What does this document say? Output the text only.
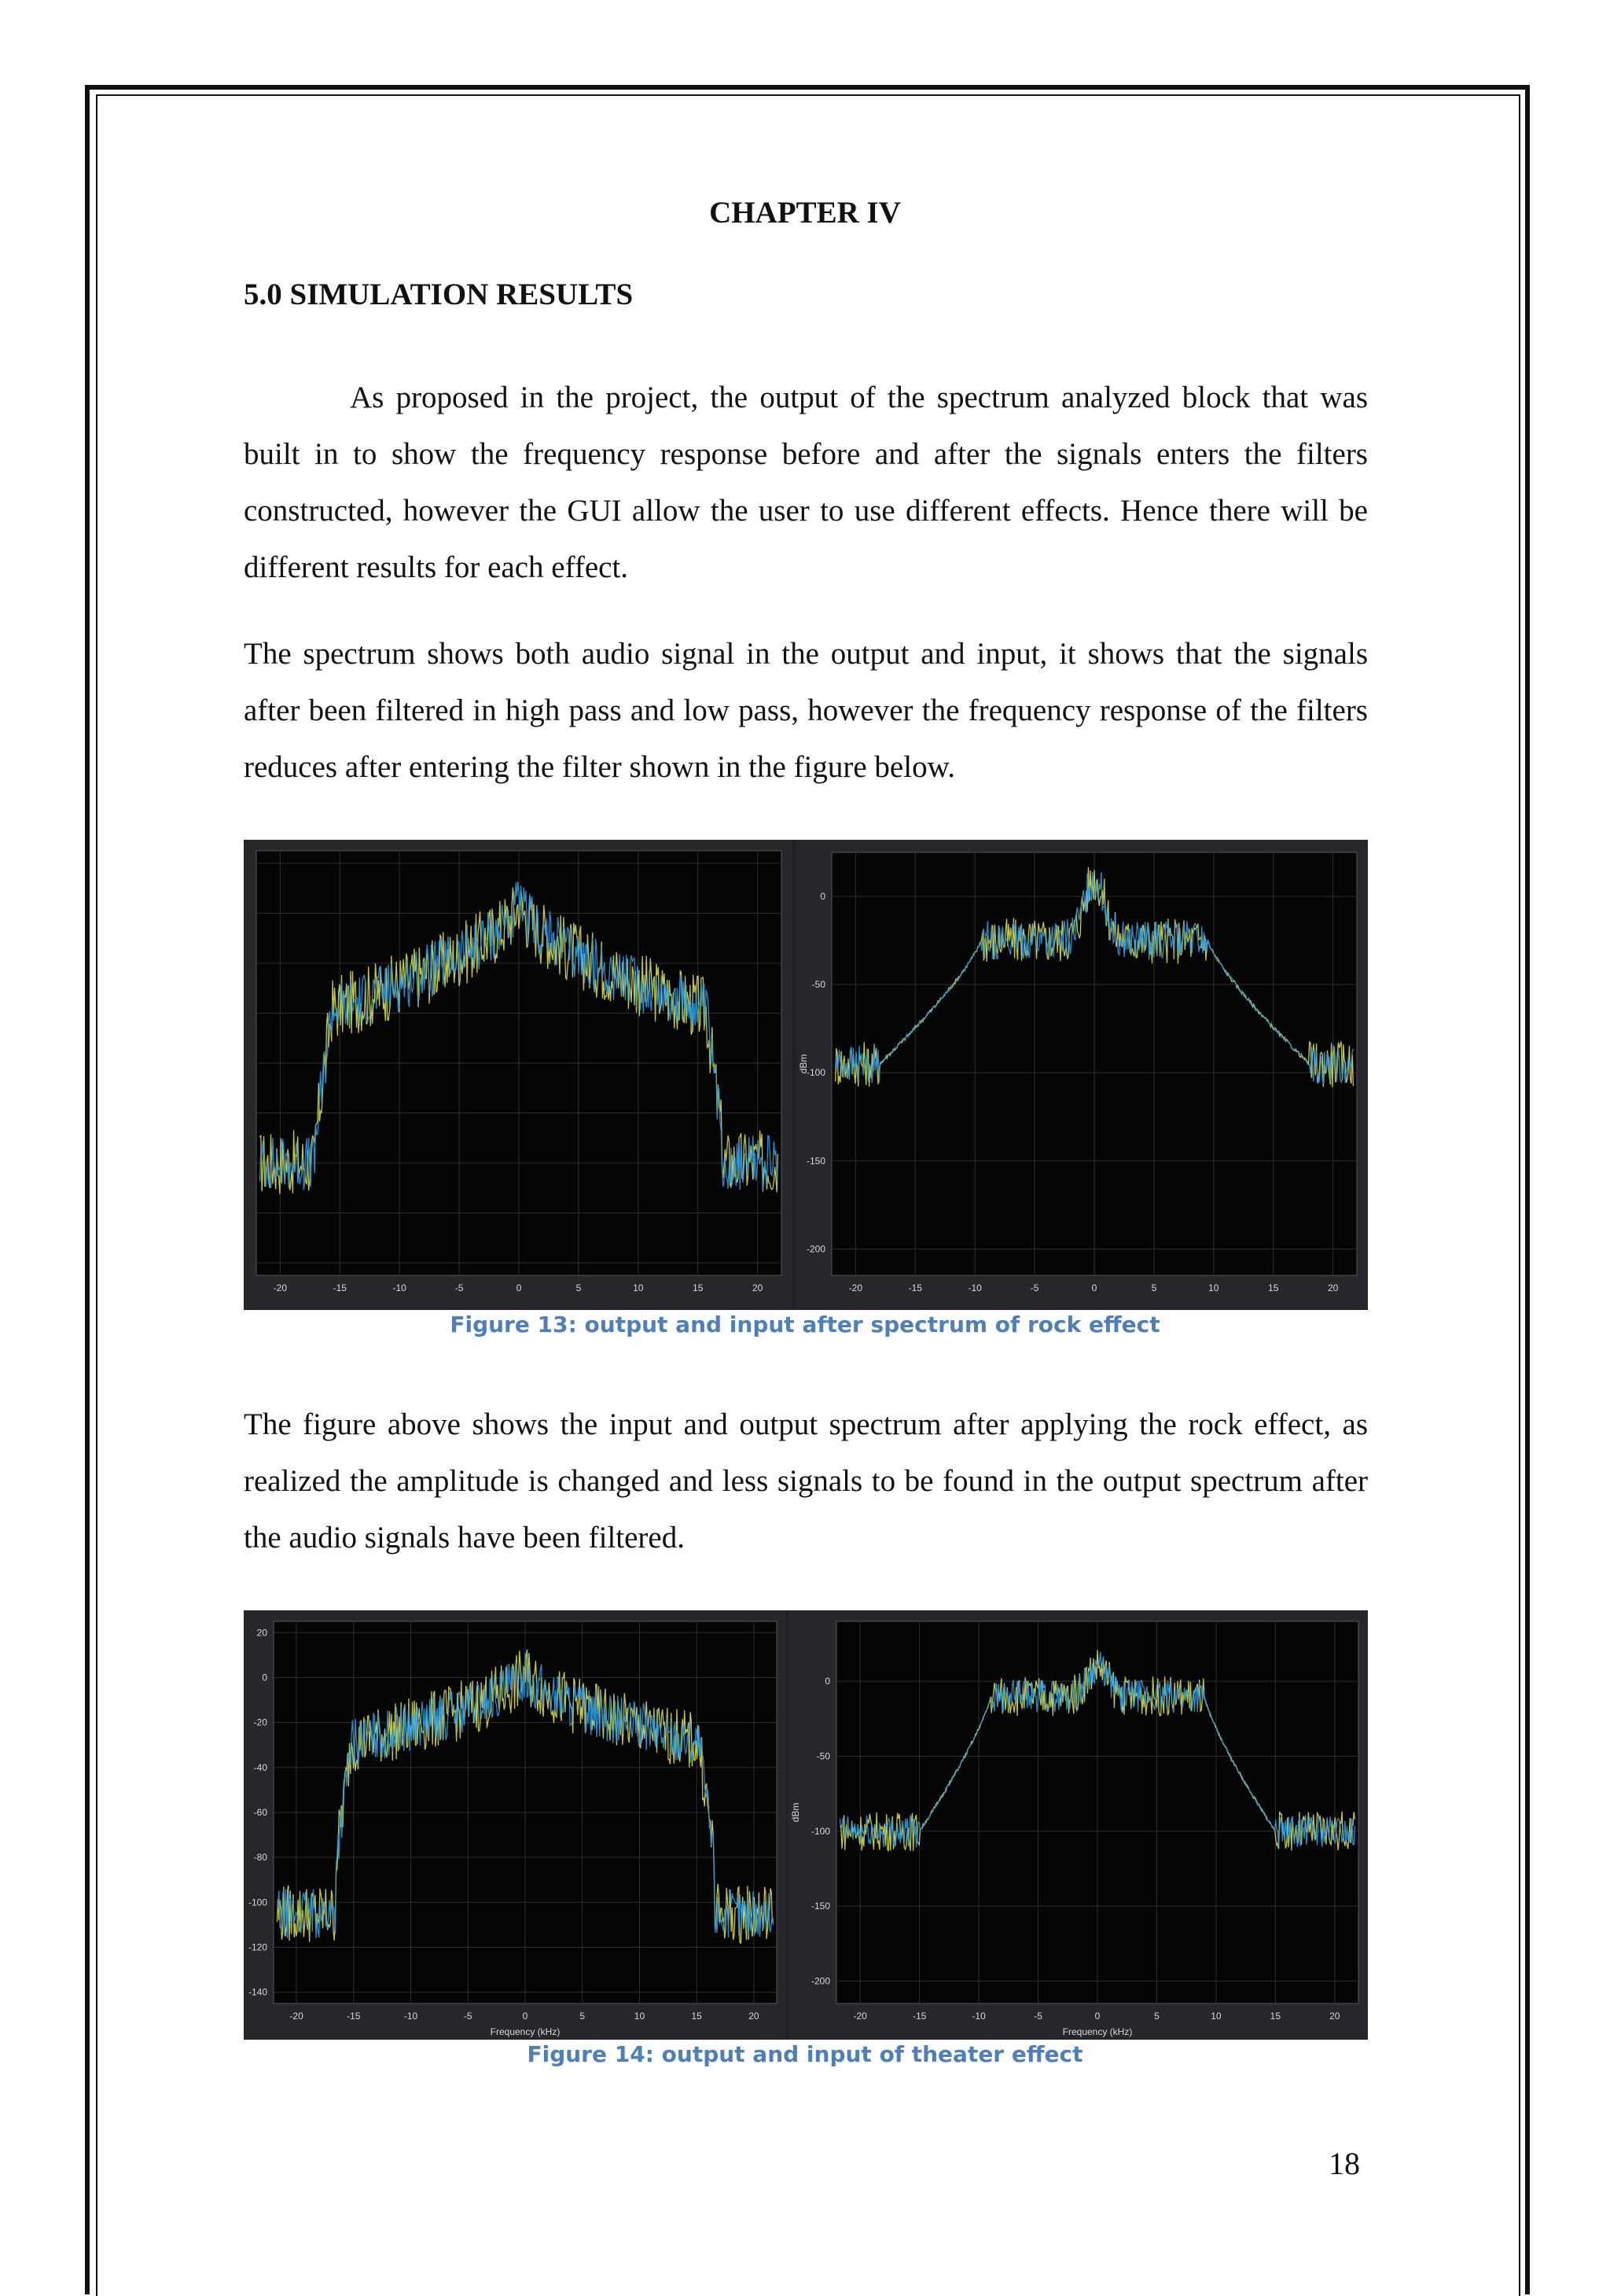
CHAPTER IV
5.0 SIMULATION RESULTS

As proposed in the project, the output of the spectrum analyzed block that was built in to show the frequency response before and after the signals enters the filters constructed, however the GUI allow the user to use different effects. Hence there will be different results for each effect.

The spectrum shows both audio signal in the output and input, it shows that the signals after been filtered in high pass and low pass, however the frequency response of the filters reduces after entering the filter shown in the figure below.

-20	-15	-10	-5	0	5	10	15	20	-20	-15	-10	-5	0	5	10	15	20
0
-50
-100
-150
-200
dBm
Figure 13: output and input after spectrum of rock effect

The figure above shows the input and output spectrum after applying the rock effect, as realized the amplitude is changed and less signals to be found in the output spectrum after the audio signals have been filtered.

-20	-15	-10	-5	0	5	10	15	20
20
0
-20
-40
-60
-80
-100
-120
-140
Frequency (kHz)
-20	-15	-10	-5	0	5	10	15	20
0
-50
-100
-150
-200
dBm
Frequency (kHz)
Figure 14: output and input of theater effect
18
